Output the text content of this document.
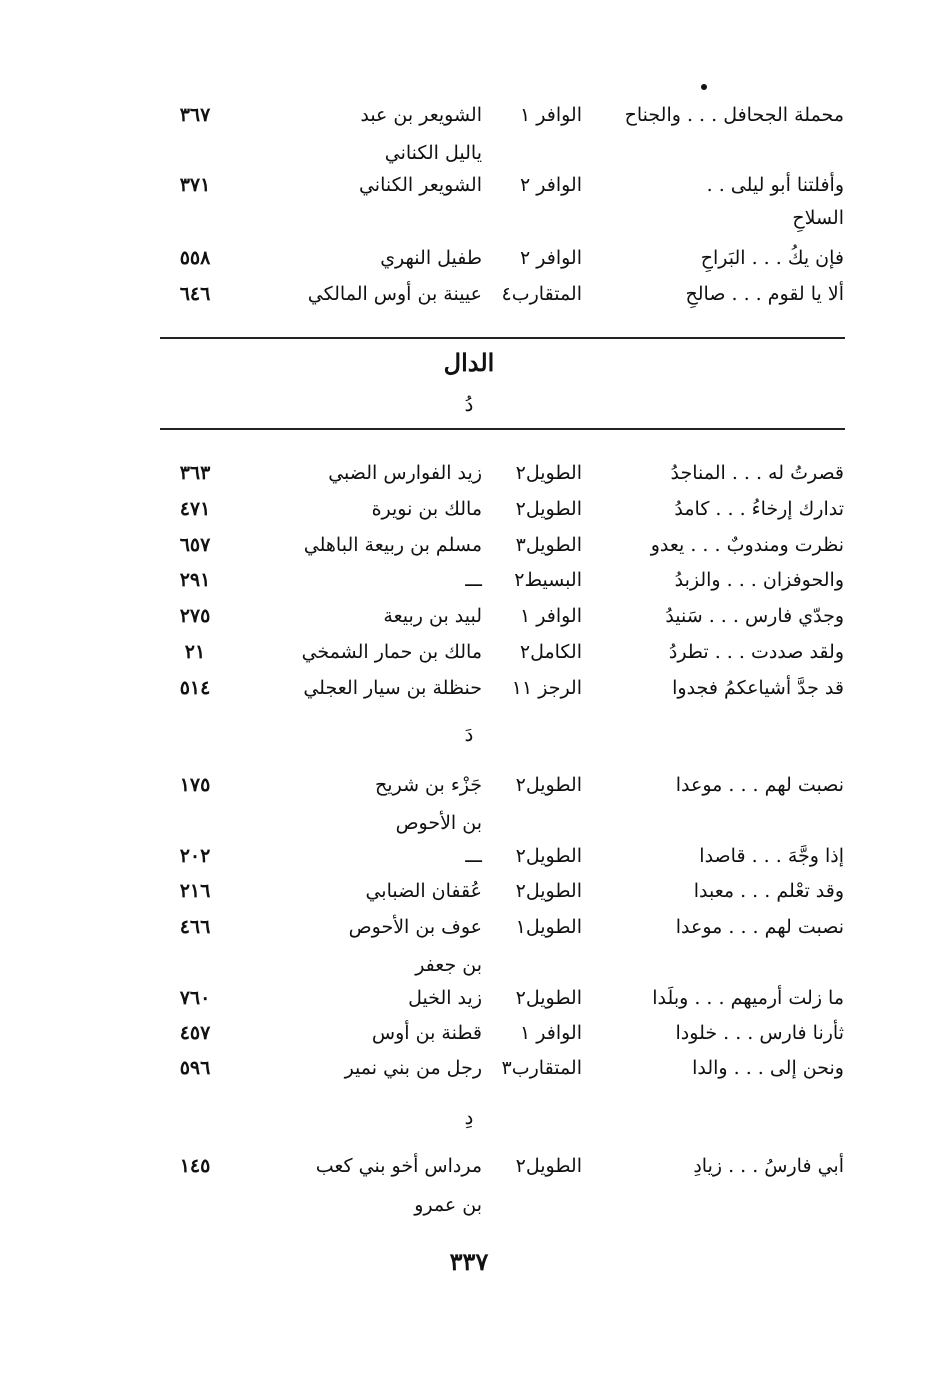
محملة الجحافل . . . والجناح
الوافر ١
الشويعر بن عبد
٣٦٧
ياليل الكناني
وأفلتنا أبو ليلى . .
الوافر ٢
الشويعر الكناني
٣٧١
السلاحِ
فإن يكُ . . . البَراحِ
الوافر ٢
طفيل النهري
٥٥٨
ألا يا لقوم . . . صالحِ
المتقارب٤
عيينة بن أوس المالكي
٦٤٦
الدال
دُ
قصرتُ له . . . المناجدُ
الطويل٢
زيد الفوارس الضبي
٣٦٣
تدارك إرخاءُ . . . كامدُ
الطويل٢
مالك بن نويرة
٤٧١
نظرت ومندوبٌ . . . يعدو
الطويل٣
مسلم بن ربيعة الباهلي
٦٥٧
والحوفزان . . . والزبدُ
البسيط٢
ـــ
٢٩١
وجدّي فارس . . . سَنيدُ
الوافر ١
لبيد بن ربيعة
٢٧٥
ولقد صددت . . . تطردُ
الكامل٢
مالك بن حمار الشمخي
٢١
قد جدَّ أشياعكمُ فجدوا
الرجز ١١
حنظلة بن سيار العجلي
٥١٤
دَ
نصبت لهم . . . موعدا
الطويل٢
جَزْء بن شريح
١٧٥
بن الأحوص
إذا وجَّهَ . . . قاصدا
الطويل٢
ـــ
٢٠٢
وقد تعْلم . . . معبدا
الطويل٢
عُقفان الضبابي
٢١٦
نصبت لهم . . . موعدا
الطويل١
عوف بن الأحوص
٤٦٦
بن جعفر
ما زلت أرميهم . . . وبلَدا
الطويل٢
زيد الخيل
٧٦٠
ثأرنا فارس . . . خلودا
الوافر ١
قطنة بن أوس
٤٥٧
ونحن إلى . . . والدا
المتقارب٣
رجل من بني نمير
٥٩٦
دِ
أبي فارسُ . . . زيادِ
الطويل٢
مرداس أخو بني كعب
١٤٥
بن عمرو
٣٣٧
